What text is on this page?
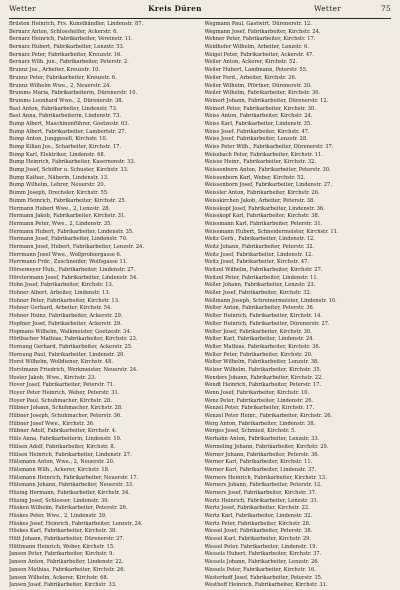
Wetter	Kreis Düren	Wetter	75
Brüsten Heinrich, Frs. Kunsthändler, Lindenstr. 87.
Bernarz Anton, Schlosshelfer, Ackerstr. 6.
Bernarz Heinrich, Fabrikarbeiter, Vereinstr. 11.
Bernarz Hubert, Fabrikarbeiter, Lenzstr. 53.
Bernarz Peter, Fabrikarbeiter, Kreuzstr. 16.
Bernarz Wilh. jun., Fabrikarbeiter, Peterstr. 2.
Brunnz Jos., Arbeiter, Kreuzstr. 10.
Brunnz Peter, Fabrikarbeiter, Kreuzstr. 6.
Brunnz Wilhelm Wwe., 2, Neuerstr. 24.
Brumms Maria, Fabrikarbeiterin, Dürenerstr. 10.
Brumms Leonhard Wwe., 2, Dürenerstr. 38.
Bast Anton, Fabrikarbeiter, Lindenstr. 73.
Bast Anna, Fabrikarbeiterin, Lindenstr. 73.
Bump Albert, Maschinenführer, Goetzestr. 63.
Bump Albert, Fabrikarbeiter, Lambertstr. 27.
Bump Anton, Junggesell, Kirchstr. 10.
Bump Kilian Jos., Scharbeiter, Kirchstr. 17.
Bump Karl, Elektriker, Lindenstr. 68.
Bump Heinrich, Fabrikarbeiter, Kasernenstr. 33.
Bump Josef, Schiffer u. Schuster, Kirchstr. 33.
Bump Kathar., Näherin, Lindenstr. 13.
Bump Wilhelm, Lehrer, Neuerstr. 20.
Bumm Joseph, Drechsler, Kirchstr. 55.
Bumm Heinrich, Fabrikarbeiter, Kirchstr. 25.
Hermann Hubert Wwe., 2, Lenzstr. 28.
Hermann Jakob, Fabrikarbeiter, Kirchstr. 31.
Hermann Peter, Wwe., 2, Lindenstr. 35.
Hermann Hubert, Fabrikarbeiter, Lindenstr. 35.
Hermann Josef, Fabrikarbeiter, Lindenstr. 70.
Hermann Josef, Hubert, Fabrikarbeiter, Lenzstr. 24.
Herrmann Josef Wwe., Wollprobiergasse 6.
Herrmann Frdr., Zuschneider, Wolfsgasse 11.
Hörsemeyer Hub., Fabrikarbeiter, Lindenstr. 27.
Hörstermann Josef, Fabrikarbeiter, Lindenstr. 54.
Hohn Josef, Fabrikarbeiter, Kirchstr. 13.
Hohner Albert, Arbeiter, Lindenstr. 13.
Hohner Peter, Fabrikarbeiter, Kirchstr. 13.
Hohner Gerhard, Arbeiter, Kirchstr. 54.
Hohner Heinz, Fabrikarbeiter, Ackerstr. 29.
Hopfner Josef, Fabrikarbeiter, Ackerstr. 29.
Hopmans Wilhelm, Walkmeister, Goetzestr. 34.
Hörlbacher Mathias, Fabrikarbeiter, Kirchstr. 23.
Hornung Gerhard, Fabrikarbeiter, Ackerstr. 25.
Hornung Paul, Fabrikarbeiter, Lindenstr. 20.
Horst Wilhelm, Wolldiener, Kirchstr. 48.
Horstmann Friedrich, Werkmeister, Neuerstr. 24.
Hoster Jakob, Wwe., Kirchstr. 23.
Hover Josef, Fabrikarbeiter, Peterstr. 71.
Hoyer Peter Heinrich, Weber, Peterstr. 31.
Hoyer Paul, Schuhmacher, Kirchstr. 28.
Hübner Johann, Schuhmacher, Kirchstr. 28.
Hübner Joseph, Schuhmacher, Peterstr. 36.
Hübner Josef Wwe., Kirchstr. 36.
Hübner Adolf, Fabrikarbeiter, Kirchstr. 4.
Hüls Anna, Fabrikarbeiterin, Lindenstr. 10.
Hülsen Adolf, Fabrikarbeiter, Kirchstr. 8.
Hülsen Heinrich, Fabrikarbeiter, Lindenstr. 27.
Hülsmann Anton, Wwe., 2, Neuerstr. 20.
Hülsmann Wilh., Ackerer, Kirchstr. 18.
Hülsmann Heinrich, Fabrikarbeiter, Neuerstr. 17.
Hülsmann Johann, Fabrikarbeiter, Neuerstr. 33.
Hüsing Hermann, Fabrikarbeiter, Kirchstr. 34.
Hüsing Josef, Schlosser, Lindenstr. 30.
Hüsken Wilhelm, Fabrikarbeiter, Peterstr. 26.
Hüskes Peter, Wwe., 2, Lindenstr. 39.
Hüskes Josef, Heinrich, Fabrikarbeiter, Lenzstr. 24.
Hüskes Karl, Fabrikarbeiter, Kirchstr. 38.
Hütt Johann, Fabrikarbeiter, Dürenerstr. 27.
Hüttmann Heinrich, Weber, Kirchstr. 15.
Jansen Peter, Fabrikarbeiter, Kirchstr. 9.
Jansen Anton, Fabrikarbeiter, Lindenstr. 22.
Jansen Mathias, Fabrikarbeiter, Kirchstr. 26.
Jansen Wilhelm, Ackerer, Kirchstr. 68.
Jansen Josef, Fabrikarbeiter, Kirchstr. 33.
Wegmann Paul, Gastwirt, Dürenerstr. 12.
Wegmann Josef, Fabrikarbeiter, Kirchstr. 24.
Wehner Peter, Fabrikarbeiter, Kirchstr. 17.
Weidhofer Wilhelm, Arbeiter, Lenzstr. 6.
Weigel Peter, Fabrikarbeiter, Ackerstr. 47.
Weiler Anton, Ackerer, Kirchstr. 52.
Weiler Hubert, Landmann, Peterstr. 55.
Weiler Ferd., Arbeiter, Kirchstr. 26.
Weiler Wilhelm, Pförtner, Dürenerstr. 30.
Weiler Wilhelm, Fabrikarbeiter, Kirchstr. 30.
Weinert Johann, Fabrikarbeiter, Dürenerstr. 12.
Weinert Peter, Fabrikarbeiter, Kirchstr. 30.
Weiss Anton, Fabrikarbeiter, Kirchstr. 24.
Weiss Karl, Fabrikarbeiter, Lindenstr. 35.
Weiss Josef, Fabrikarbeiter, Kirchstr. 47.
Weiss Josef, Fabrikarbeiter, Lenzstr. 28.
Weiss Peter Wilh., Fabrikarbeiter, Dürenerstr. 37.
Weissbach Peter, Fabrikarbeiter, Kirchstr. 11.
Weisse Heinr., Fabrikarbeiter, Kirchstr. 32.
Weissenborn Anton, Fabrikarbeiter, Peterstr. 30.
Weissenborn Karl, Weber, Kirchstr. 52.
Weissenborn Josef, Fabrikarbeiter, Lindenstr. 27.
Weissler Anton, Fabrikarbeiter, Kirchstr. 26.
Weisskirchen Jakob, Arbeiter, Peterstr. 38.
Weisskopf Josef, Fabrikarbeiter, Lindenstr. 36.
Weisskopf Karl, Fabrikarbeiter, Kirchstr. 38.
Weissmann Karl, Fabrikarbeiter, Peterstr. 31.
Weissmann Hubert, Schneidermeister, Kirchstr. 11.
Weitz Gerh., Fabrikarbeiter, Lindenstr. 12.
Weitz Johann, Fabrikarbeiter, Peterstr. 32.
Weitz Josef, Fabrikarbeiter, Lindenstr. 12.
Weitz Josef, Fabrikarbeiter, Kirchstr. 47.
Weitzel Wilhelm, Fabrikarbeiter, Kirchstr. 27.
Weitzel Peter, Fabrikarbeiter, Lindenstr. 11.
Weller Johann, Fabrikarbeiter, Lenzstr. 23.
Weller Josef, Fabrikarbeiter, Kirchstr. 32.
Wellmann Joseph, Schreinermeister, Lindenstr. 10.
Welter Anton, Fabrikarbeiter, Peterstr. 36.
Welter Heinrich, Fabrikarbeiter, Kirchstr. 14.
Welter Heinrich, Fabrikarbeiter, Dürenerstr. 27.
Welter Josef, Fabrikarbeiter, Kirchstr. 30.
Welter Karl, Fabrikarbeiter, Lindenstr. 24.
Welter Mathias, Fabrikarbeiter, Kirchstr. 36.
Welter Peter, Fabrikarbeiter, Kirchstr. 20.
Welter Wilhelm, Fabrikarbeiter, Lenzstr. 38.
Welzer Wilhelm, Fabrikarbeiter, Kirchstr. 35.
Wenders Johann, Fabrikarbeiter, Kirchstr. 22.
Wendt Heinrich, Fabrikarbeiter, Peterstr. 17.
Wenn Josef, Fabrikarbeiter, Kirchstr. 10.
Wenz Peter, Fabrikarbeiter, Lindenstr. 26.
Wenzel Peter, Fabrikarbeiter, Kirchstr. 17.
Wenzel Peter Heinr., Fabrikarbeiter, Kirchstr. 26.
Werg Anton, Fabrikarbeiter, Lindenstr. 38.
Werges Josef, Schmied, Kirchstr. 5.
Werhahn Anton, Fabrikarbeiter, Lenzstr. 33.
Wermeling Johann, Fabrikarbeiter, Kirchstr. 29.
Werner Johann, Fabrikarbeiter, Peterstr. 36.
Werner Karl, Fabrikarbeiter, Kirchstr. 11.
Werner Karl, Fabrikarbeiter, Lindenstr. 37.
Werners Heinrich, Fabrikarbeiter, Kirchstr. 13.
Werners Johann, Fabrikarbeiter, Peterstr. 12.
Werners Josef, Fabrikarbeiter, Kirchstr. 37.
Wertz Heinrich, Fabrikarbeiter, Lenzstr. 31.
Wertz Josef, Fabrikarbeiter, Kirchstr. 22.
Wertz Karl, Fabrikarbeiter, Lindenstr. 32.
Wertz Peter, Fabrikarbeiter, Kirchstr. 28.
Wessel Josef, Fabrikarbeiter, Peterstr. 38.
Wessel Karl, Fabrikarbeiter, Kirchstr. 29.
Wessel Peter, Fabrikarbeiter, Lindenstr. 19.
Wessels Hubert, Fabrikarbeiter, Kirchstr. 37.
Wessels Johann, Fabrikarbeiter, Lenzstr. 26.
Wessels Peter, Fabrikarbeiter, Kirchstr. 16.
Westerhoff Josef, Fabrikarbeiter, Peterstr. 35.
Westhoff Heinrich, Fabrikarbeiter, Kirchstr. 31.
